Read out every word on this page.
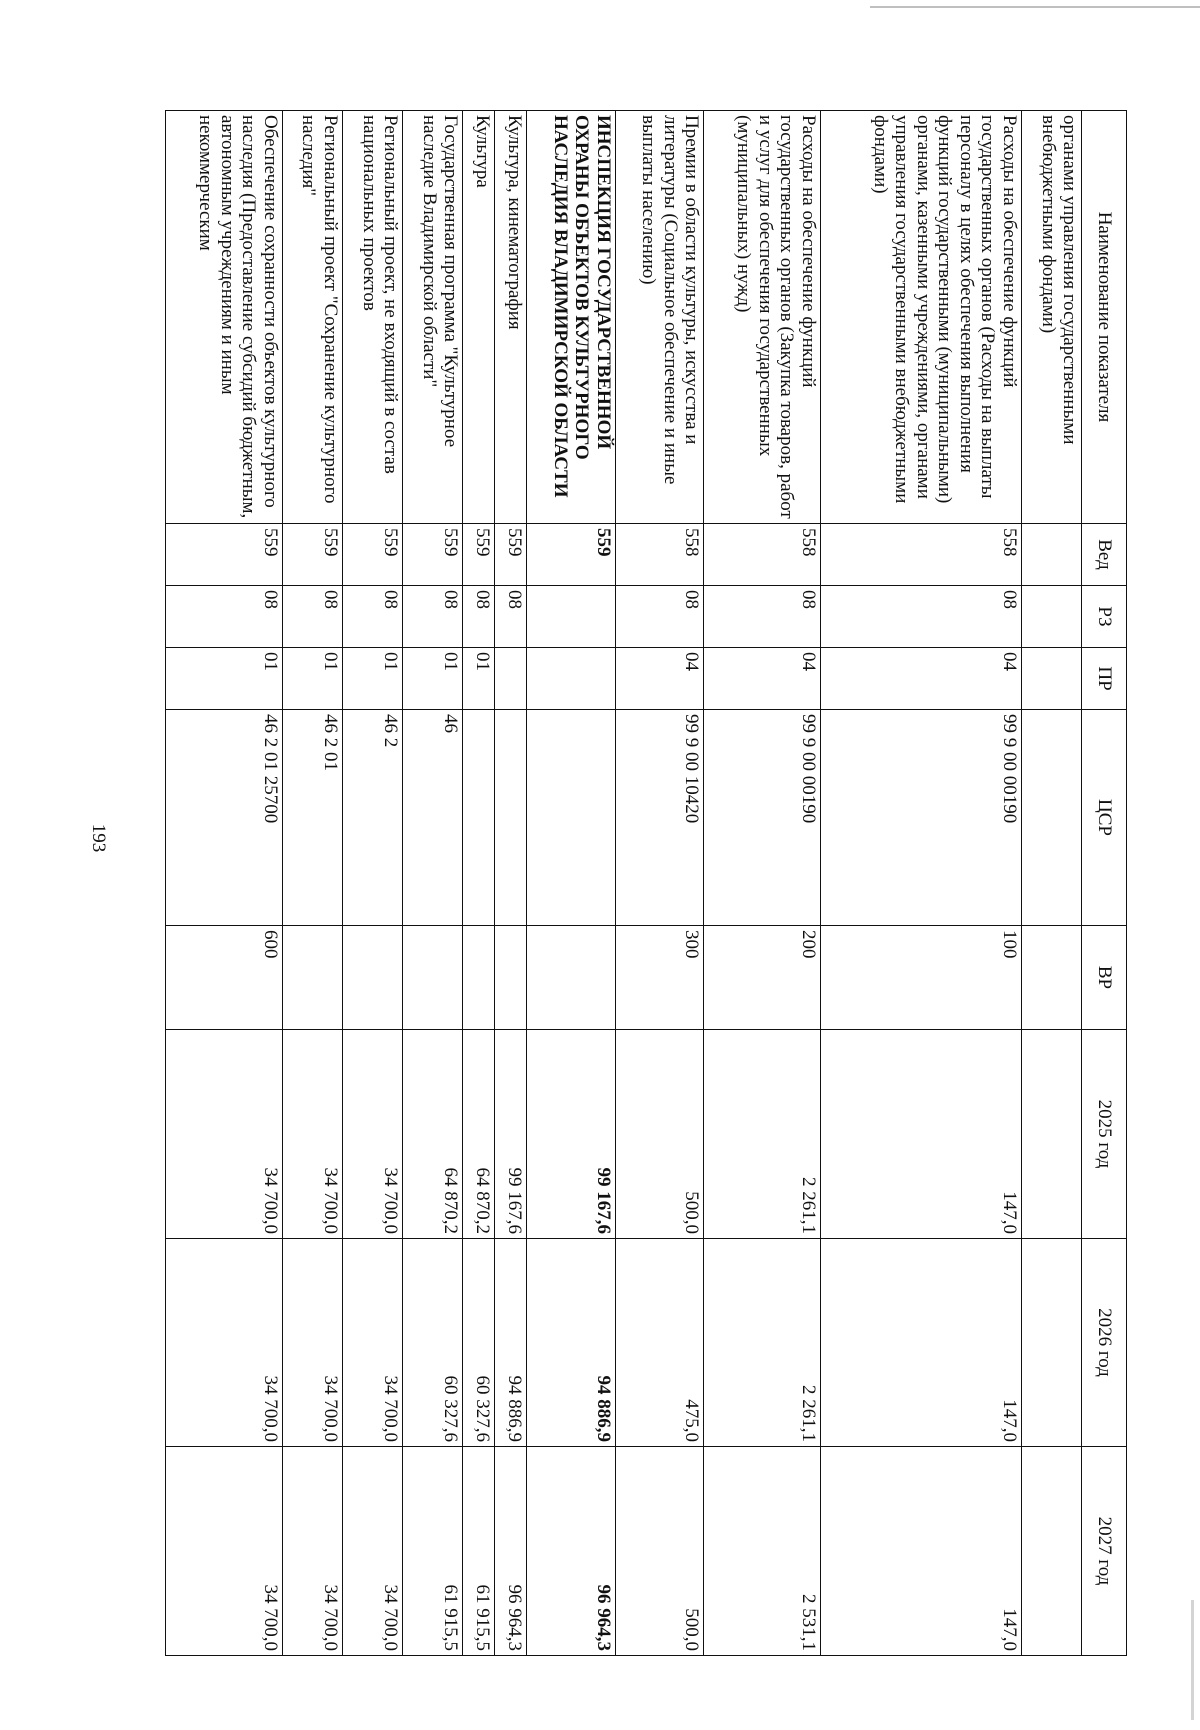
193
Наименование показателя	Вед	РЗ	ПР	ЦСР	ВР	2025 год	2026 год	2027 год
органами управления государственными внебюджетными фондами)								
Расходы на обеспечение функций государственных органов (Расходы на выплаты персоналу в целях обеспечения выполнения функций государственными (муниципальными) органами, казенными учреждениями, органами управления государственными внебюджетными фондами)	558	08	04	99 9 00 00190	100	147,0	147,0	147,0
Расходы на обеспечение функций государственных органов (Закупка товаров, работ и услуг для обеспечения государственных (муниципальных) нужд)	558	08	04	99 9 00 00190	200	2 261,1	2 261,1	2 531,1
Премии в области культуры, искусства и литературы (Социальное обеспечение и иные выплаты населению)	558	08	04	99 9 00 10420	300	500,0	475,0	500,0
ИНСПЕКЦИЯ ГОСУДАРСТВЕННОЙ ОХРАНЫ ОБЪЕКТОВ КУЛЬТУРНОГО НАСЛЕДИЯ ВЛАДИМИРСКОЙ ОБЛАСТИ	559					99 167,6	94 886,9	96 964,3
Культура, кинематография	559	08				99 167,6	94 886,9	96 964,3
Культура	559	08	01			64 870,2	60 327,6	61 915,5
Государственная программа "Культурное наследие Владимирской области"	559	08	01	46		64 870,2	60 327,6	61 915,5
Региональный проект, не входящий в состав национальных проектов	559	08	01	46 2		34 700,0	34 700,0	34 700,0
Региональный проект "Сохранение культурного наследия"	559	08	01	46 2 01		34 700,0	34 700,0	34 700,0
Обеспечение сохранности объектов культурного наследия (Предоставление субсидий бюджетным, автономным учреждениям и иным некоммерческим	559	08	01	46 2 01 25700	600	34 700,0	34 700,0	34 700,0
